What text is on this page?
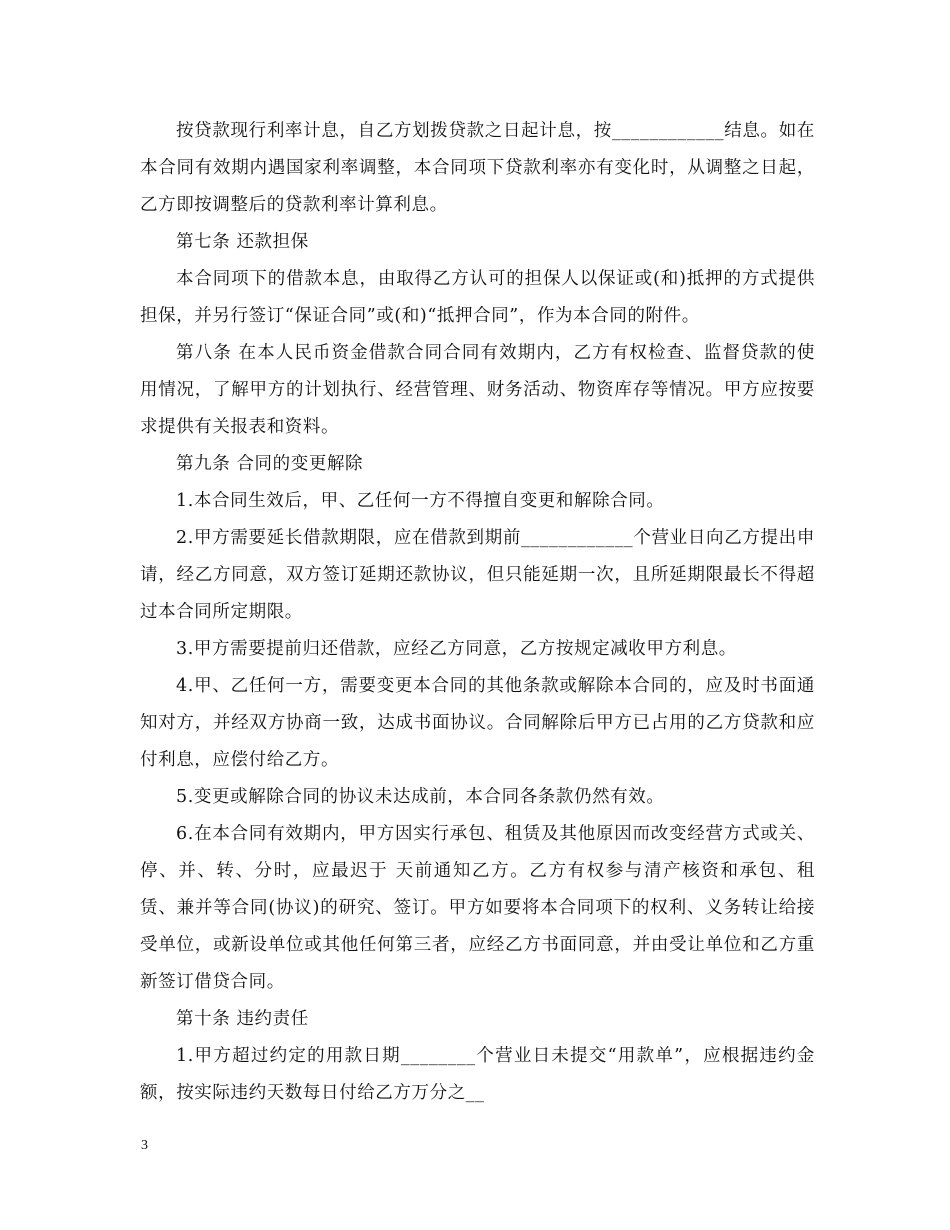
按贷款现行利率计息，自乙方划拨贷款之日起计息，按____________结息。如在本合同有效期内遇国家利率调整，本合同项下贷款利率亦有变化时，从调整之日起，乙方即按调整后的贷款利率计算利息。

第七条 还款担保

本合同项下的借款本息，由取得乙方认可的担保人以保证或(和)抵押的方式提供担保，并另行签订“保证合同”或(和)“抵押合同”，作为本合同的附件。

第八条 在本人民币资金借款合同合同有效期内，乙方有权检查、监督贷款的使用情况，了解甲方的计划执行、经营管理、财务活动、物资库存等情况。甲方应按要求提供有关报表和资料。

第九条 合同的变更解除

1.本合同生效后，甲、乙任何一方不得擅自变更和解除合同。

2.甲方需要延长借款期限，应在借款到期前____________个营业日向乙方提出申请，经乙方同意，双方签订延期还款协议，但只能延期一次，且所延期限最长不得超过本合同所定期限。

3.甲方需要提前归还借款，应经乙方同意，乙方按规定减收甲方利息。

4.甲、乙任何一方，需要变更本合同的其他条款或解除本合同的，应及时书面通知对方，并经双方协商一致，达成书面协议。合同解除后甲方已占用的乙方贷款和应付利息，应偿付给乙方。

5.变更或解除合同的协议未达成前，本合同各条款仍然有效。

6.在本合同有效期内，甲方因实行承包、租赁及其他原因而改变经营方式或关、停、并、转、分时，应最迟于 天前通知乙方。乙方有权参与清产核资和承包、租赁、兼并等合同(协议)的研究、签订。甲方如要将本合同项下的权利、义务转让给接受单位，或新设单位或其他任何第三者，应经乙方书面同意，并由受让单位和乙方重新签订借贷合同。

第十条 违约责任

1.甲方超过约定的用款日期________个营业日未提交“用款单”，应根据违约金额，按实际违约天数每日付给乙方万分之__

3
